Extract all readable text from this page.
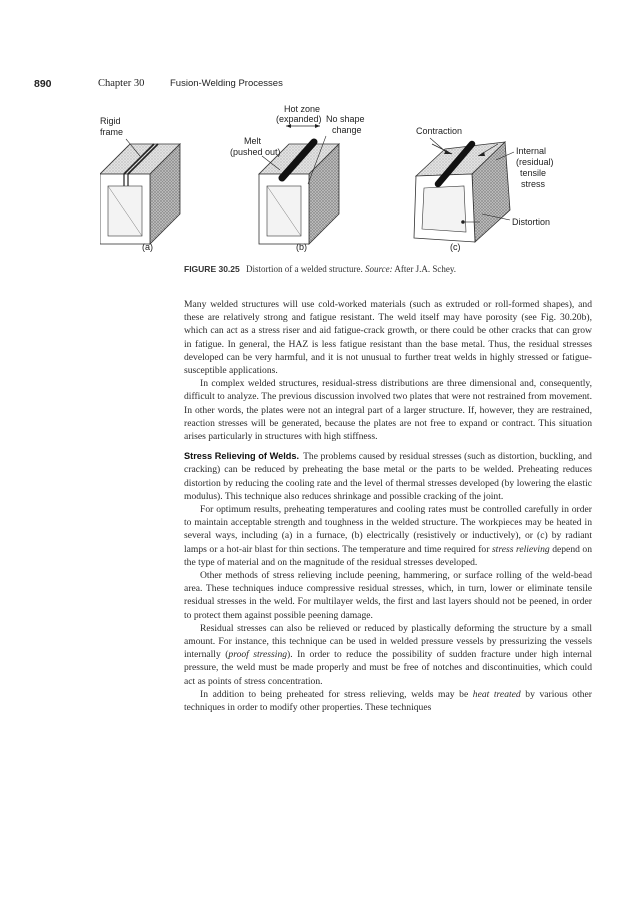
890	Chapter 30	Fusion-Welding Processes
Rigid
frame
Hot zone
(expanded) No shape
change
Melt
(pushed out)
Contraction
Internal
(residual)
tensile
stress
Distortion
(a)	(b)	(c)
FIGURE 30.25 Distortion of a welded structure. Source: After J.A. Schey.

Many welded structures will use cold-worked materials (such as extruded or roll-formed shapes), and these are relatively strong and fatigue resistant. The weld itself may have porosity (see Fig. 30.20b), which can act as a stress riser and aid fatigue-crack growth, or there could be other cracks that can grow in fatigue. In general, the HAZ is less fatigue resistant than the base metal. Thus, the residual stresses developed can be very harmful, and it is not unusual to further treat welds in highly stressed or fatigue-susceptible applications.

In complex welded structures, residual-stress distributions are three dimensional and, consequently, difficult to analyze. The previous discussion involved two plates that were not restrained from movement. In other words, the plates were not an integral part of a larger structure. If, however, they are restrained, reaction stresses will be generated, because the plates are not free to expand or contract. This situation arises particularly in structures with high stiffness.

Stress Relieving of Welds. The problems caused by residual stresses (such as distortion, buckling, and cracking) can be reduced by preheating the base metal or the parts to be welded. Preheating reduces distortion by reducing the cooling rate and the level of thermal stresses developed (by lowering the elastic modulus). This technique also reduces shrinkage and possible cracking of the joint.

For optimum results, preheating temperatures and cooling rates must be controlled carefully in order to maintain acceptable strength and toughness in the welded structure. The workpieces may be heated in several ways, including (a) in a furnace, (b) electrically (resistively or inductively), or (c) by radiant lamps or a hot-air blast for thin sections. The temperature and time required for stress relieving depend on the type of material and on the magnitude of the residual stresses developed.

Other methods of stress relieving include peening, hammering, or surface rolling of the weld-bead area. These techniques induce compressive residual stresses, which, in turn, lower or eliminate tensile residual stresses in the weld. For multilayer welds, the first and last layers should not be peened, in order to protect them against possible peening damage.

Residual stresses can also be relieved or reduced by plastically deforming the structure by a small amount. For instance, this technique can be used in welded pressure vessels by pressurizing the vessels internally (proof stressing). In order to reduce the possibility of sudden fracture under high internal pressure, the weld must be made properly and must be free of notches and discontinuities, which could act as points of stress concentration.

In addition to being preheated for stress relieving, welds may be heat treated by various other techniques in order to modify other properties. These techniques
